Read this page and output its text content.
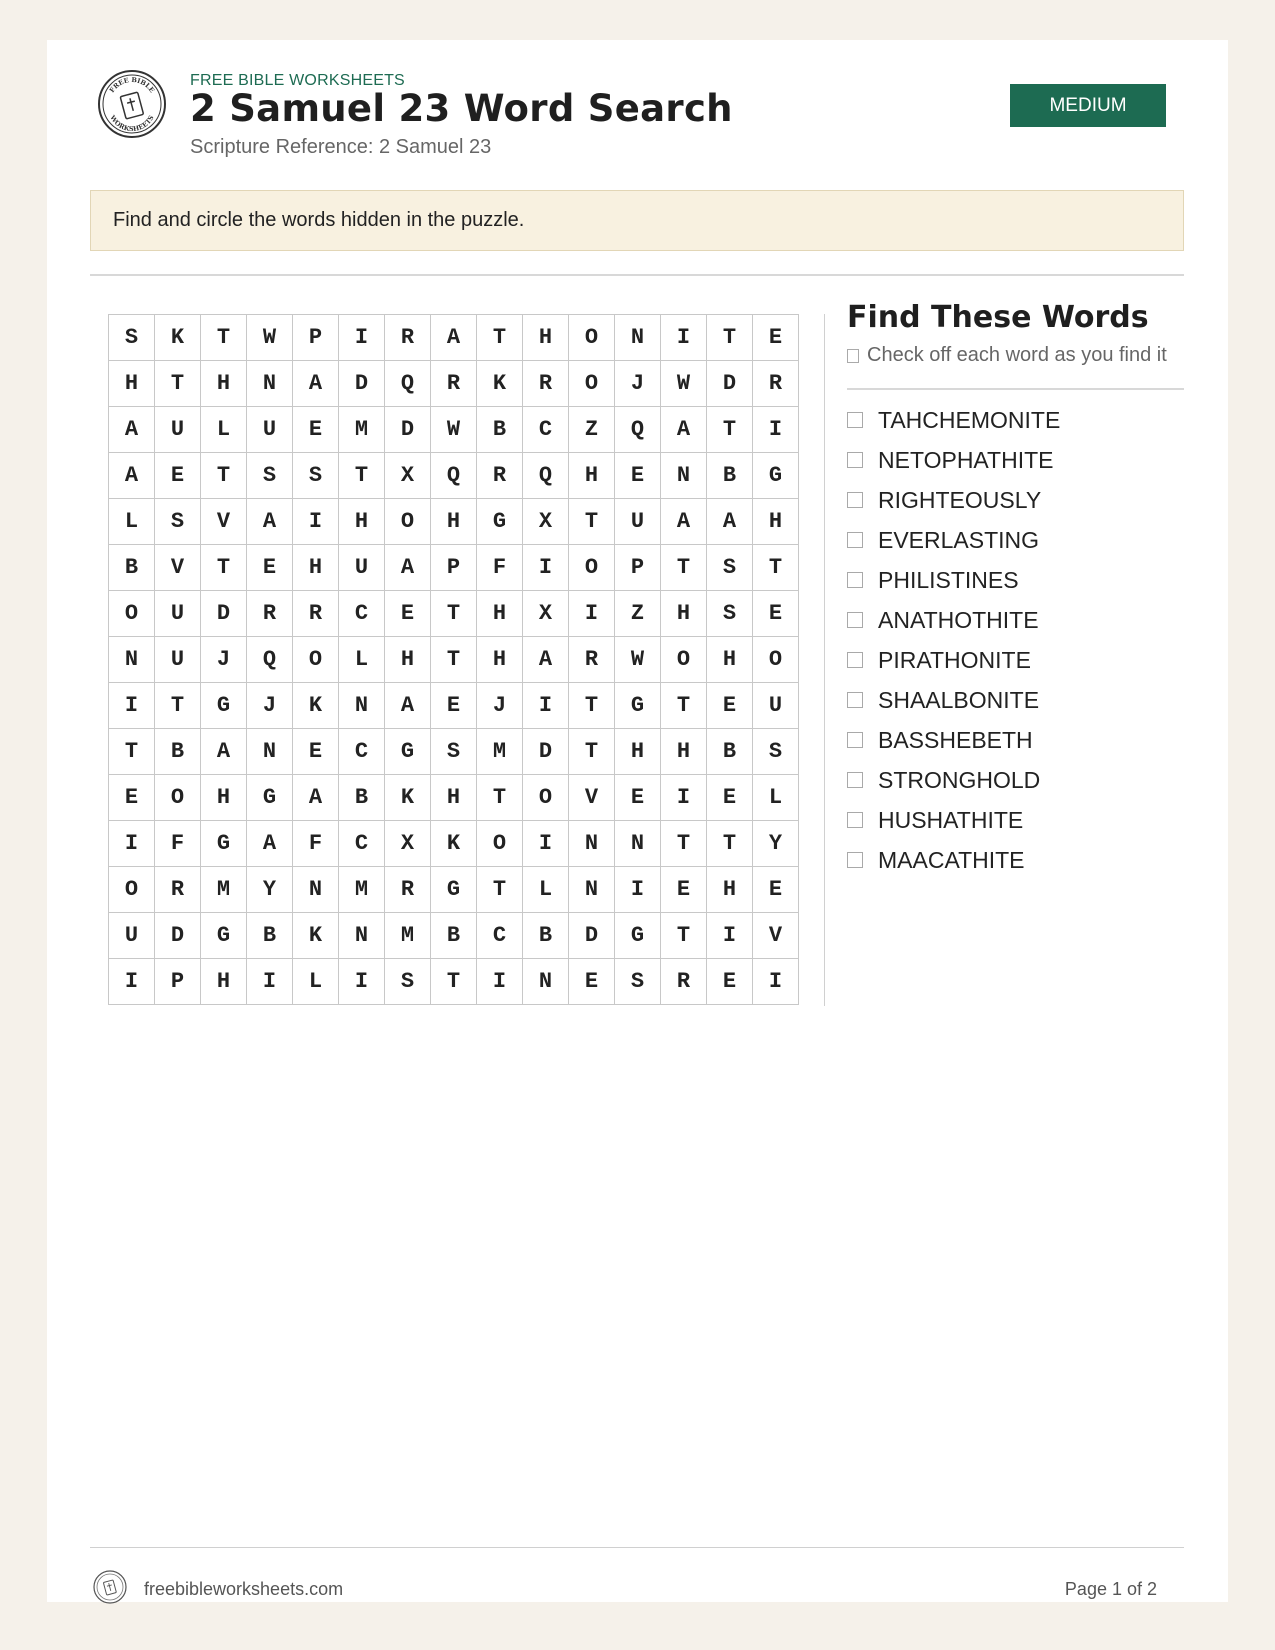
FREE BIBLE
WORKSHEETS
FREE BIBLE WORKSHEETS
2 Samuel 23 Word Search
Scripture Reference: 2 Samuel 23
MEDIUM
Find and circle the words hidden in the puzzle.
S	K	T	W	P	I	R	A	T	H	O	N	I	T	E
H	T	H	N	A	D	Q	R	K	R	O	J	W	D	R
A	U	L	U	E	M	D	W	B	C	Z	Q	A	T	I
A	E	T	S	S	T	X	Q	R	Q	H	E	N	B	G
L	S	V	A	I	H	O	H	G	X	T	U	A	A	H
B	V	T	E	H	U	A	P	F	I	O	P	T	S	T
O	U	D	R	R	C	E	T	H	X	I	Z	H	S	E
N	U	J	Q	O	L	H	T	H	A	R	W	O	H	O
I	T	G	J	K	N	A	E	J	I	T	G	T	E	U
T	B	A	N	E	C	G	S	M	D	T	H	H	B	S
E	O	H	G	A	B	K	H	T	O	V	E	I	E	L
I	F	G	A	F	C	X	K	O	I	N	N	T	T	Y
O	R	M	Y	N	M	R	G	T	L	N	I	E	H	E
U	D	G	B	K	N	M	B	C	B	D	G	T	I	V
I	P	H	I	L	I	S	T	I	N	E	S	R	E	I
Find These Words
Check off each word as you find it
TAHCHEMONITE
NETOPHATHITE
RIGHTEOUSLY
EVERLASTING
PHILISTINES
ANATHOTHITE
PIRATHONITE
SHAALBONITE
BASSHEBETH
STRONGHOLD
HUSHATHITE
MAACATHITE
freebibleworksheets.com	Page 1 of 2
